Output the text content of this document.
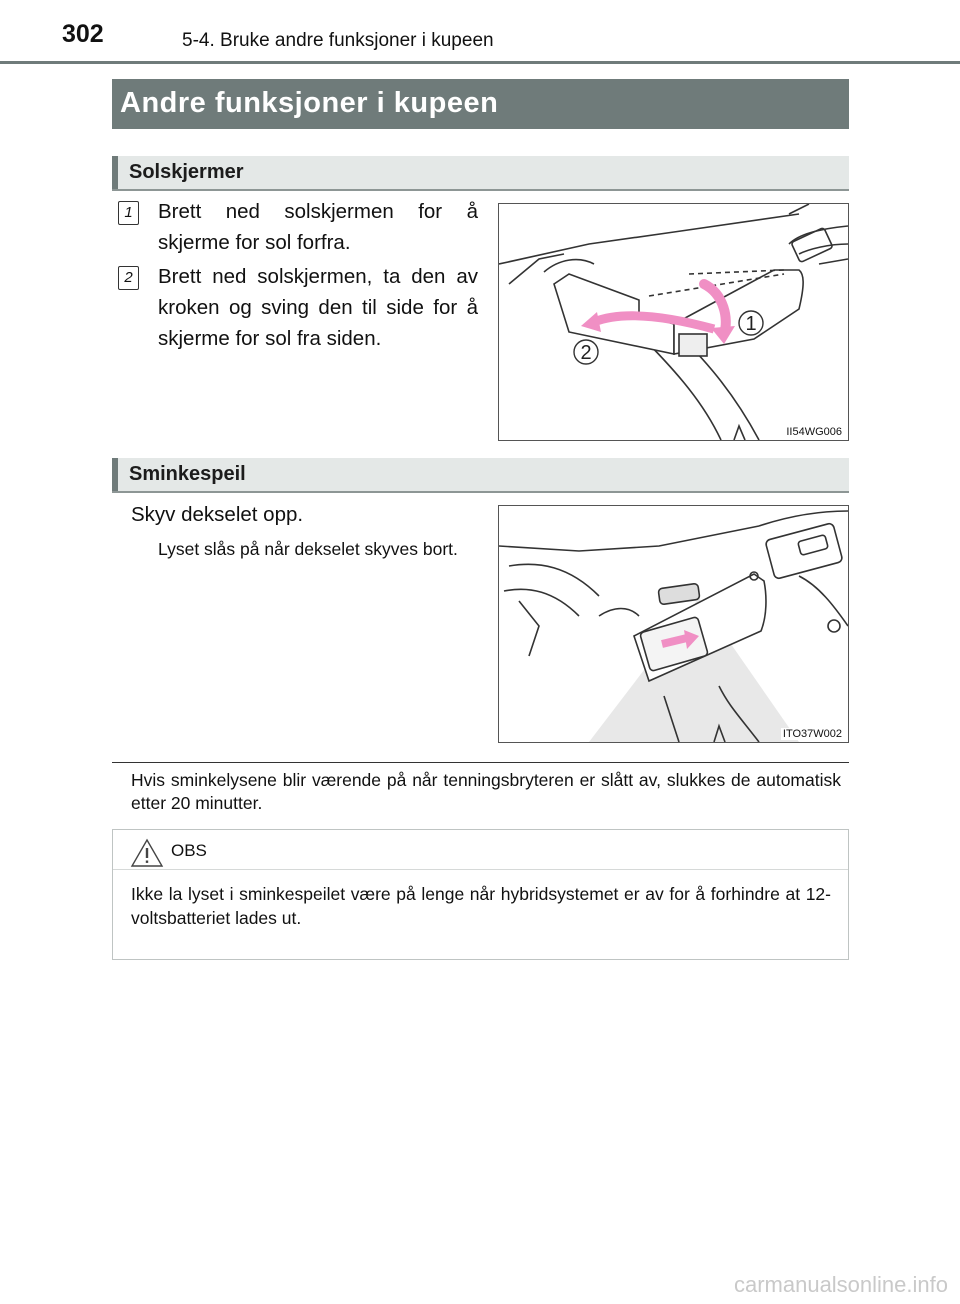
302	5-4. Bruke andre funksjoner i kupeen
Andre funksjoner i kupeen
Solskjermer
1	Brett ned solskjermen for å skjerme for sol forfra.
2	Brett ned solskjermen, ta den av kroken og sving den til side for å skjerme for sol fra siden.
1
2
II54WG006
Sminkespeil
Skyv dekselet opp.
Lyset slås på når dekselet skyves bort.
ITO37W002
Hvis sminkelysene blir værende på når tenningsbryteren er slått av, slukkes de automatisk etter 20 minutter.
OBS
Ikke la lyset i sminkespeilet være på lenge når hybridsystemet er av for å forhindre at 12-voltsbatteriet lades ut.
carmanualsonline.info
